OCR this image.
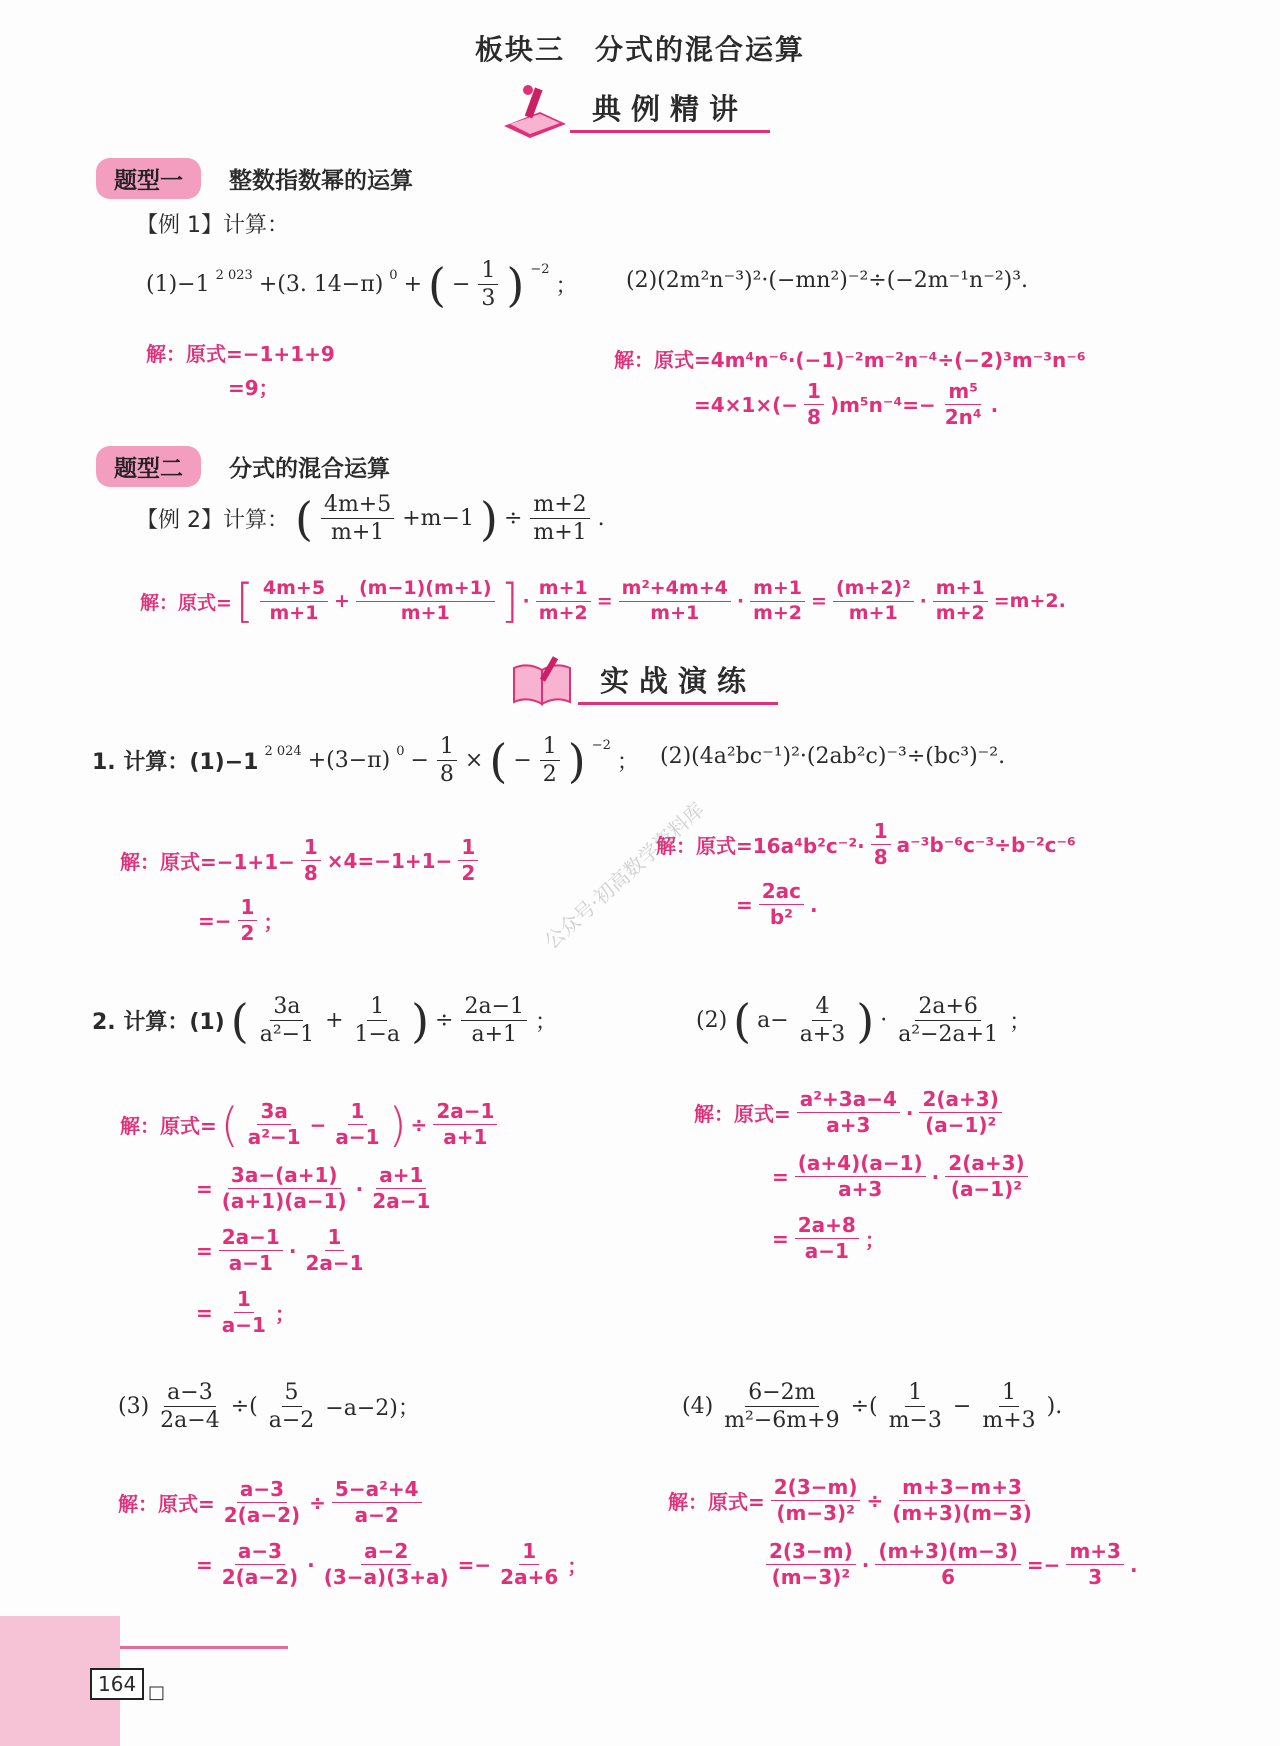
板块三　分式的混合运算
典例精讲
题型一	整数指数幂的运算
【例 1】计算：
(1)−1 $^{2 023}$ +(3. 14−π) $^0$ + ( − $\frac{1}{3}$ ) $^{-2}$
； (2)(2m²n⁻³)²·(−mn²)⁻²÷(−2m⁻¹n⁻²)³.
解：原式=−1+1+9
=9；
解：原式=4m⁴n⁻⁶·(−1)⁻²m⁻²n⁻⁴÷(−2)³m⁻³n⁻⁶
$=4\times 1\times(- \frac{1}{8} )m^5n^{-4}=- \frac{\text{m⁵}}{\text{2n⁴}}$ .
题型二	分式的混合运算
【例 2】计算： ( $\frac{4m+5}{m+1} +m-1$ ) ÷ $\frac{m+2}{m+1}$ .
解：原式= [ $\frac{4m+5}{m+1} + \frac{(m-1)(m+1)}{m+1}$ ] · $\frac{m+1}{m+2} = \frac{\text{m²+4m+4}}{m+1} \cdot \frac{m+1}{m+2} = \frac{\text{(m+2)²}}{m+1} \cdot \frac{m+1}{m+2} =m+2$.
实战演练
1. 计算：(1)−1 $^{2 024}$ +(3−π) $^0 - \frac{1}{8}$ × ( − $\frac{1}{2}$ ) $^{-2}$
； (2)(4a²bc⁻¹)²·(2ab²c)⁻³÷(bc³)⁻².
解：原式$=-1+1- \frac{1}{8} \times 4=-1+1- \frac{1}{2}$
=− $\frac{1}{2}$ ；
解：原式$=16a^4b^2c^{-2}\cdot \frac{1}{8} a^{-3}b^{-6}c^{-3}\div b^{-2}c^{-6}$
= $\frac{2ac}{\text{b²}}$ .
公众号·初高数学资料库
2. 计算：(1) ( $\frac{3a}{\text{a²−1}} + \frac{1}{1-a}$ ) ÷ $\frac{2a-1}{a+1}$ ；	(2) ( $a- \frac{4}{a+3}$ ) · $\frac{2a+6}{\text{a²−2a+1}}$ ；
解：原式= ( $\frac{3a}{\text{a²−1}} - \frac{1}{a-1}$ ) ÷ $\frac{2a-1}{a+1}$
= $\frac{3a-(a+1)}{(a+1)(a-1)} \cdot \frac{a+1}{2a-1}$
= $\frac{2a-1}{a-1} \cdot \frac{1}{2a-1}$
= $\frac{1}{a-1}$ ；
解：原式= $\frac{\text{a²+3a−4}}{a+3} \cdot \frac{2(a+3)}{\text{(a−1)²}}$
= $\frac{(a+4)(a-1)}{a+3} \cdot \frac{2(a+3)}{\text{(a−1)²}}$
= $\frac{2a+8}{a-1}$ ；
$(3) \frac{a-3}{2a-4}$ ÷( $\frac{5}{a-2} -a-2$)；
解：原式= $\frac{a-3}{2(a-2)} \div \frac{\text{5−a²+4}}{a-2}$
= $\frac{a-3}{2(a-2)} \cdot \frac{a-2}{(3-a)(3+a)} =- \frac{1}{2a+6}$ ；
$(4) \frac{6-2m}{\text{m²−6m+9}}$ ÷( $\frac{1}{m-3} - \frac{1}{m+3}$ ).
解：原式= $\frac{2(3-m)}{\text{(m−3)²}} \div \frac{m+3-m+3}{(m+3)(m-3)}$
$\frac{2(3-m)}{\text{(m−3)²}} \cdot \frac{(m+3)(m-3)}{6} =- \frac{m+3}{3}$ .
164 □
